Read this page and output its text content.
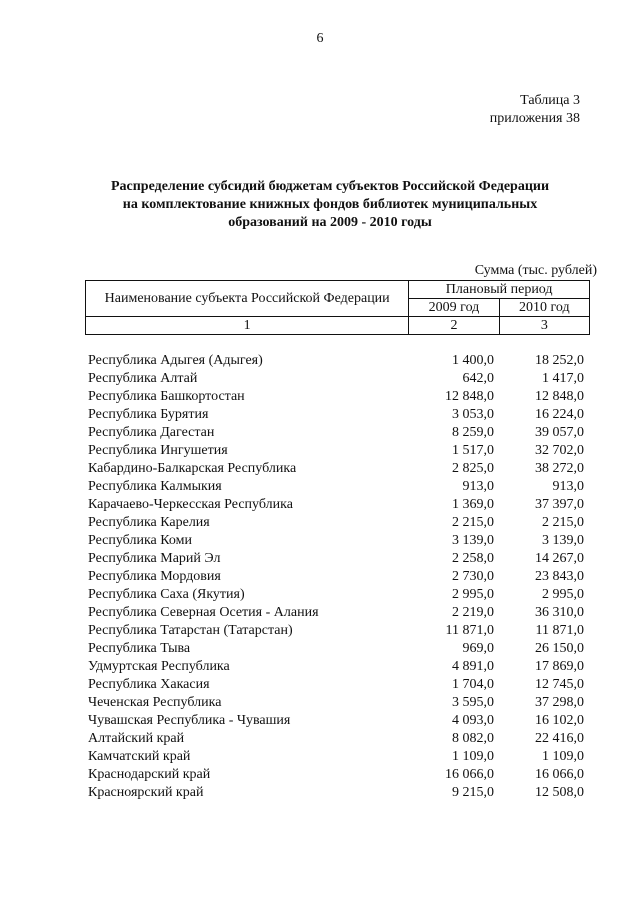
6
Таблица 3
приложения 38
Распределение субсидий бюджетам субъектов Российской Федерации
на комплектование книжных фондов библиотек муниципальных
образований на 2009 - 2010 годы
Сумма (тыс. рублей)
Наименование субъекта Российской Федерации	Плановый период	
	2009 год	2010 год
1	2	3
Республика Адыгея (Адыгея)	1 400,0	18 252,0
Республика Алтай	642,0	1 417,0
Республика Башкортостан	12 848,0	12 848,0
Республика Бурятия	3 053,0	16 224,0
Республика Дагестан	8 259,0	39 057,0
Республика Ингушетия	1 517,0	32 702,0
Кабардино-Балкарская Республика	2 825,0	38 272,0
Республика Калмыкия	913,0	913,0
Карачаево-Черкесская Республика	1 369,0	37 397,0
Республика Карелия	2 215,0	2 215,0
Республика Коми	3 139,0	3 139,0
Республика Марий Эл	2 258,0	14 267,0
Республика Мордовия	2 730,0	23 843,0
Республика Саха (Якутия)	2 995,0	2 995,0
Республика Северная Осетия - Алания	2 219,0	36 310,0
Республика Татарстан (Татарстан)	11 871,0	11 871,0
Республика Тыва	969,0	26 150,0
Удмуртская Республика	4 891,0	17 869,0
Республика Хакасия	1 704,0	12 745,0
Чеченская Республика	3 595,0	37 298,0
Чувашская Республика - Чувашия	4 093,0	16 102,0
Алтайский край	8 082,0	22 416,0
Камчатский край	1 109,0	1 109,0
Краснодарский край	16 066,0	16 066,0
Красноярский край	9 215,0	12 508,0
